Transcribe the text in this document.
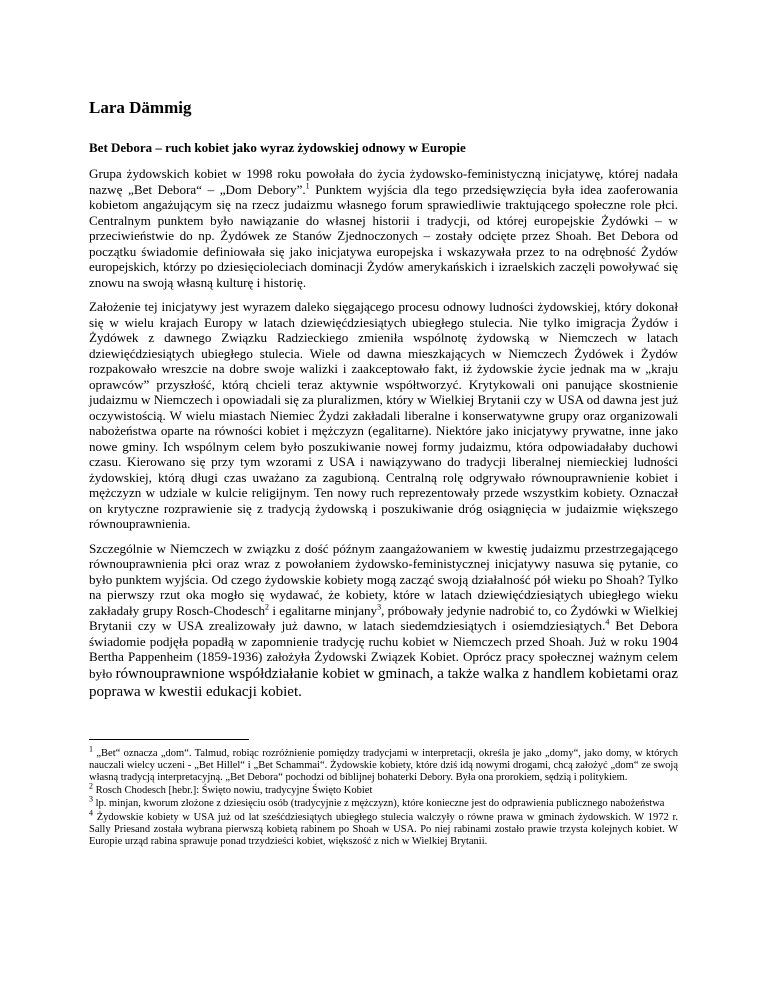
Lara Dämmig
Bet Debora – ruch kobiet jako wyraz żydowskiej odnowy w Europie

Grupa żydowskich kobiet w 1998 roku powołała do życia żydowsko-feministyczną inicjatywę, której nadała nazwę „Bet Debora“ – „Dom Debory”.$^1$ Punktem wyjścia dla tego przedsięwzięcia była idea zaoferowania kobietom angażującym się na rzecz judaizmu własnego forum sprawiedliwie traktującego społeczne role płci. Centralnym punktem było nawiązanie do własnej historii i tradycji, od której europejskie Żydówki – w przeciwieństwie do np. Żydówek ze Stanów Zjednoczonych – zostały odcięte przez Shoah. Bet Debora od początku świadomie definiowała się jako inicjatywa europejska i wskazywała przez to na odrębność Żydów europejskich, którzy po dziesięcioleciach dominacji Żydów amerykańskich i izraelskich zaczęli powoływać się znowu na swoją własną kulturę i historię.

Założenie tej inicjatywy jest wyrazem daleko sięgającego procesu odnowy ludności żydowskiej, który dokonał się w wielu krajach Europy w latach dziewięćdziesiątych ubiegłego stulecia. Nie tylko imigracja Żydów i Żydówek z dawnego Związku Radzieckiego zmieniła wspólnotę żydowską w Niemczech w latach dziewięćdziesiątych ubiegłego stulecia. Wiele od dawna mieszkających w Niemczech Żydówek i Żydów rozpakowało wreszcie na dobre swoje walizki i zaakceptowało fakt, iż żydowskie życie jednak ma w „kraju oprawców” przyszłość, którą chcieli teraz aktywnie współtworzyć. Krytykowali oni panujące skostnienie judaizmu w Niemczech i opowiadali się za pluralizmen, który w Wielkiej Brytanii czy w USA od dawna jest już oczywistością. W wielu miastach Niemiec Żydzi zakładali liberalne i konserwatywne grupy oraz organizowali nabożeństwa oparte na równości kobiet i mężczyzn (egalitarne). Niektóre jako inicjatywy prywatne, inne jako nowe gminy. Ich wspólnym celem było poszukiwanie nowej formy judaizmu, która odpowiadałaby duchowi czasu. Kierowano się przy tym wzorami z USA i nawiązywano do tradycji liberalnej niemieckiej ludności żydowskiej, którą długi czas uważano za zagubioną. Centralną rolę odgrywało równouprawnienie kobiet i mężczyzn w udziale w kulcie religijnym. Ten nowy ruch reprezentowały przede wszystkim kobiety. Oznaczał on krytyczne rozprawienie się z tradycją żydowską i poszukiwanie dróg osiągnięcia w judaizmie większego równouprawnienia.

Szczególnie w Niemczech w związku z dość późnym zaangażowaniem w kwestię judaizmu przestrzegającego równouprawnienia płci oraz wraz z powołaniem żydowsko-feministycznej inicjatywy nasuwa się pytanie, co było punktem wyjścia. Od czego żydowskie kobiety mogą zacząć swoją działalność pół wieku po Shoah? Tylko na pierwszy rzut oka mogło się wydawać, że kobiety, które w latach dziewięćdziesiątych ubiegłego wieku zakładały grupy Rosch-Chodesch$^2$ i egalitarne minjany$^3$, próbowały jedynie nadrobić to, co Żydówki w Wielkiej Brytanii czy w USA zrealizowały już dawno, w latach siedemdziesiątych i osiemdziesiątych.$^4$ Bet Debora świadomie podjęła popadłą w zapomnienie tradycję ruchu kobiet w Niemczech przed Shoah. Już w roku 1904 Bertha Pappenheim (1859-1936) założyła Żydowski Związek Kobiet. Oprócz pracy społecznej ważnym celem było równouprawnione współdziałanie kobiet w gminach, a także walka z handlem kobietami oraz poprawa w kwestii edukacji kobiet.

$^1$ „Bet“ oznacza „dom“. Talmud, robiąc rozróżnienie pomiędzy tradycjami w interpretacji, określa je jako „domy“, jako domy, w których nauczali wielcy uczeni - „Bet Hillel“ i „Bet Schammai“. Żydowskie kobiety, które dziś idą nowymi drogami, chcą założyć „dom“ ze swoją własną tradycją interpretacyjną. „Bet Debora“ pochodzi od biblijnej bohaterki Debory. Była ona prorokiem, sędzią i politykiem.

$^2$ Rosch Chodesch [hebr.]: Święto nowiu, tradycyjne Święto Kobiet

$^3$ lp. minjan, kworum złożone z dziesięciu osób (tradycyjnie z mężczyzn), które konieczne jest do odprawienia publicznego nabożeństwa

$^4$ Żydowskie kobiety w USA już od lat sześćdziesiątych ubiegłego stulecia walczyły o równe prawa w gminach żydowskich. W 1972 r. Sally Priesand została wybrana pierwszą kobietą rabinem po Shoah w USA. Po niej rabinami zostało prawie trzysta kolejnych kobiet. W Europie urząd rabina sprawuje ponad trzydzieści kobiet, większość z nich w Wielkiej Brytanii.
